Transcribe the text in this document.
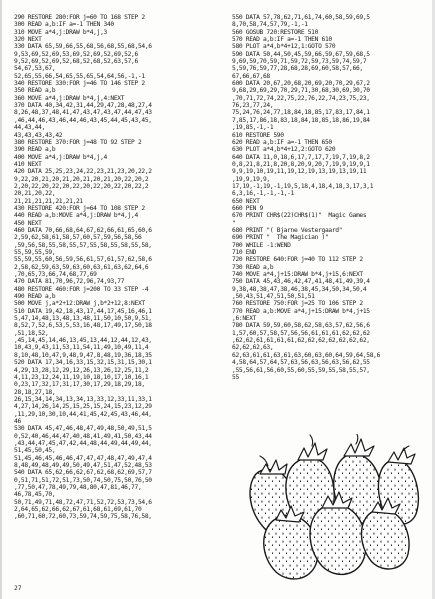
290 RESTORE 280:FOR j=60 TO 168 STEP 2
300 READ a,b:IF a=-1 THEN 340
310 MOVE a*4,j:DRAW b*4,j,3
320 NEXT
330 DATA 65,59,66,55,68,56,68,55,68,54,6
9,53,69,52,69,53,69,52,69,52,69,52,6
9,52,69,52,69,52,68,52,68,52,63,57,6
54,67,53,67,
52,65,55,66,54,65,55,65,54,64,56,-1,-1
340 RESTORE 330:FOR j=46 TO 146 STEP 2
350 READ a,b
360 MOVE a*4,j:DRAW b*4,j,4:NEXT
370 DATA 40,34,42,31,44,29,47,28,48,27,4
8,26,48,37,48,41,47,43,47,43,47,44,47,43
,46,44,46,43,46,44,46,43,45,44,45,43,45,
44,43,44,
43,43,43,43,42
380 RESTORE 370:FOR j=48 TO 92 STEP 2
390 READ a,b
400 MOVE a*4,j:DRAW b*4,j,4
410 NEXT
420 DATA 25,25,23,24,22,23,21,23,20,22,2
9,22,20,21,20,21,20,21,20,21,20,22,20,2
2,20,22,20,22,20,22,20,22,20,22,20,22,2
20,21,20,22,
21,21,21,21,21,21,21
430 RESTORE 420:FOR j=64 TO 108 STEP 2
440 READ a,b:MOVE a*4,j:DRAW b*4,j,4
450 NEXT
460 DATA 70,66,68,64,67,62,66,61,65,60,6
2,59,62,58,61,58,57,60,57,59,56,58,56
,59,56,58,55,58,55,57,55,58,55,58,55,58,
55,59,55,59,
55,59,55,60,56,59,56,61,57,61,57,62,58,6
2,58,62,59,63,59,63,60,63,61,63,62,64,6
,70,65,73,66,74,68,77,69
470 DATA 81,70,96,72,96,74,93,77
480 RESTORE 460:FOR j=200 TO 33 STEP -4
490 READ a,b
500 MOVE j,a*2+12:DRAW j,b*2+12,8:NEXT
510 DATA 19,42,18,43,17,44,17,45,16,46,1
5,47,14,48,13,48,13,48,11,50,10,50,9,51,
8,52,7,52,6,53,5,53,16,48,17,49,17,50,18
,51,18,52,
,45,14,45,14,46,13,45,13,44,12,44,12,43,
10,43,9,43,11,53,11,54,11,49,10,49,11,4
8,10,48,10,47,9,48,9,47,8,48,19,36,18,35
520 DATA 17,34,16,33,15,32,15,31,15,30,1
4,29,13,28,12,29,12,26,13,26,12,25,11,2
4,11,23,12,24,11,19,10,18,10,17,10,16,1
0,23,17,32,17,31,17,30,17,29,18,29,18,
28,18,27,18,
26,15,34,14,34,13,34,13,33,12,33,11,33,1
4,27,14,26,14,25,15,25,15,24,15,23,12,29
,11,29,10,30,10,44,41,45,42,45,43,46,44,
46
530 DATA 45,47,46,48,47,49,48,50,49,51,5
0,52,40,46,44,47,40,48,41,49,41,50,43,44
,43,44,47,45,47,42,44,48,44,49,44,49,44,
51,45,50,45,
51,45,46,45,46,46,47,47,47,48,47,49,47,4
8,48,49,48,49,49,50,49,47,51,47,52,48,53
540 DATA 65,62,66,62,67,62,68,62,69,57,7
0,51,71,51,72,51,73,50,74,50,75,50,76,50
,77,50,47,78,49,79,48,80,47,81,46,77,
46,78,45,70,
50,71,49,71,48,72,47,71,52,72,53,73,54,6
2,64,65,62,66,62,67,61,68,61,69,61,70
,60,71,60,72,60,73,59,74,59,75,58,76,58,
550 DATA 57,78,62,71,61,74,60,58,59,69,5
8,70,58,74,57,79,-1,-1
560 GOSUB 720:RESTORE 510
570 READ a,b:IF a=-1 THEN 610
580 PLOT a*4,b*4+12,1:GOTO 570
590 DATA 50,44,50,45,59,66,59,67,59,68,5
9,69,59,70,59,71,59,72,59,73,59,74,59,7
5,59,76,59,77,28,68,28,69,60,58,57,66,
67,66,67,68
600 DATA 20,67,20,68,20,69,20,70,29,67,2
9,68,29,69,29,70,29,71,30,68,30,69,30,70
,70,71,72,74,22,75,22,76,22,74,23,75,23,
76,23,77,24,
75,24,76,24,77,18,84,18,85,17,83,17,84,1
7,85,17,86,18,83,18,84,18,85,18,86,19,84
,19,85,-1,-1
610 RESTORE 590
620 READ a,b:IF a=-1 THEN 650
630 PLOT a*4,b*4+12,2:GOTO 620
640 DATA 11,0,18,6,17,7,17,7,19,7,19,8,2
0,8,21,8,21,8,20,8,20,9,20,7,19,9,19,9,1
9,9,19,10,19,11,19,12,19,13,19,13,19,11
,19,9,19,9,
17,19,-1,19,-1,19,5,18,4,18,4,18,3,17,3,1
6,3,16,-1,-1,-1,-1
650 NEXT
660 PEN 9
670 PRINT CHR$(22)CHR$(1)"  Magic Games
"
680 PRINT "( Bjarne Vestergaard"
690 PRINT "  The Magician )"
700 WHILE -1:WEND
710 END
720 RESTORE 640:FOR j=40 TO 112 STEP 2
730 READ a,b
740 MOVE a*4,j+15:DRAW b*4,j+15,6:NEXT
750 DATA 45,43,46,42,47,41,48,41,49,39,4
9,38,48,38,47,38,46,38,45,34,50,34,50,4
,50,43,51,47,51,50,51,51
760 RESTORE 750:FOR j=25 TO 106 STEP 2
770 READ a,b:MOVE a*4,j+15:DRAW b*4,j+15
,6:NEXT
780 DATA 59,59,60,58,62,58,63,57,62,56,6
1,57,60,57,58,57,56,56,61,61,61,62,62,62
,62,62,61,61,61,61,62,62,62,62,62,62,62,
62,62,62,63,
62,63,61,61,63,61,63,60,63,60,64,59,64,58,6
4,58,64,57,64,57,63,56,63,56,63,56,62,55
,55,56,61,56,60,55,60,55,59,55,58,55,57,
55
27
